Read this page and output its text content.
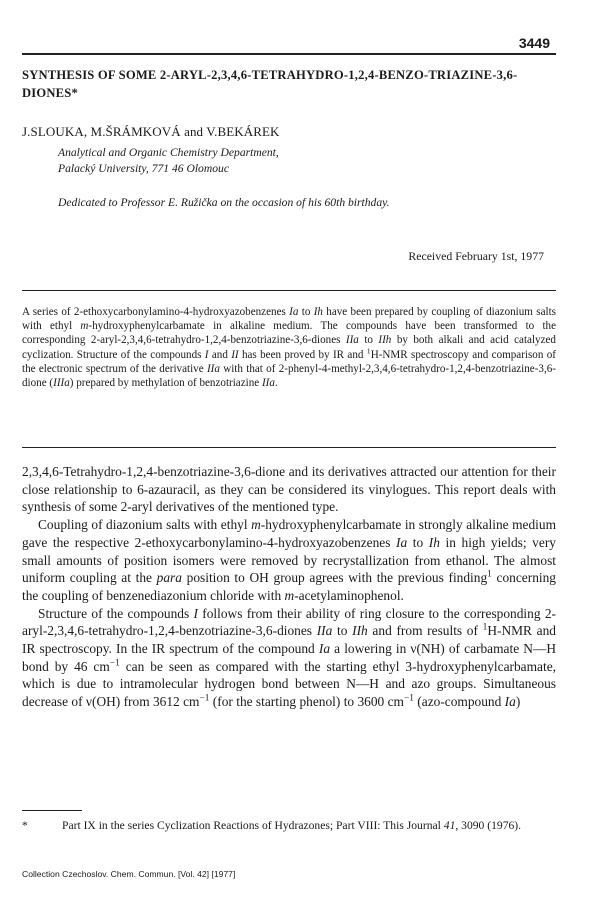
3449
SYNTHESIS OF SOME 2-ARYL-2,3,4,6-TETRAHYDRO-1,2,4-BENZO-TRIAZINE-3,6-DIONES*
J.SLOUKA, M.ŠRÁMKOVÁ and V.BEKÁREK
Analytical and Organic Chemistry Department,
Palacký University, 771 46 Olomouc
Dedicated to Professor E. Ružička on the occasion of his 60th birthday.
Received February 1st, 1977
A series of 2-ethoxycarbonylamino-4-hydroxyazobenzenes Ia to Ih have been prepared by coupling of diazonium salts with ethyl m-hydroxyphenylcarbamate in alkaline medium. The compounds have been transformed to the corresponding 2-aryl-2,3,4,6-tetrahydro-1,2,4-benzotriazine-3,6-diones IIa to IIh by both alkali and acid catalyzed cyclization. Structure of the compounds I and II has been proved by IR and $^1$H-NMR spectroscopy and comparison of the electronic spectrum of the derivative IIa with that of 2-phenyl-4-methyl-2,3,4,6-tetrahydro-1,2,4-benzotriazine-3,6-dione (IIIa) prepared by methylation of benzotriazine IIa.

2,3,4,6-Tetrahydro-1,2,4-benzotriazine-3,6-dione and its derivatives attracted our attention for their close relationship to 6-azauracil, as they can be considered its vinylogues. This report deals with synthesis of some 2-aryl derivatives of the mentioned type.

Coupling of diazonium salts with ethyl m-hydroxyphenylcarbamate in strongly alkaline medium gave the respective 2-ethoxycarbonylamino-4-hydroxyazobenzenes Ia to Ih in high yields; very small amounts of position isomers were removed by recrystallization from ethanol. The almost uniform coupling at the para position to OH group agrees with the previous finding$^1$ concerning the coupling of benzenediazonium chloride with m-acetylaminophenol.

Structure of the compounds I follows from their ability of ring closure to the corresponding 2-aryl-2,3,4,6-tetrahydro-1,2,4-benzotriazine-3,6-diones IIa to IIh and from results of $^1$H-NMR and IR spectroscopy. In the IR spectrum of the compound Ia a lowering in ν(NH) of carbamate N—H bond by 46 $cm^{-1}$ can be seen as compared with the starting ethyl 3-hydroxyphenylcarbamate, which is due to intramolecular hydrogen bond between N—H and azo groups. Simultaneous decrease of ν(OH) from 3612 $cm^{-1}$ (for the starting phenol) to 3600 $cm^{-1}$ (azo-compound Ia)

*	Part IX in the series Cyclization Reactions of Hydrazones; Part VIII: This Journal 41, 3090 (1976).
Collection Czechoslov. Chem. Commun. [Vol. 42] [1977]
